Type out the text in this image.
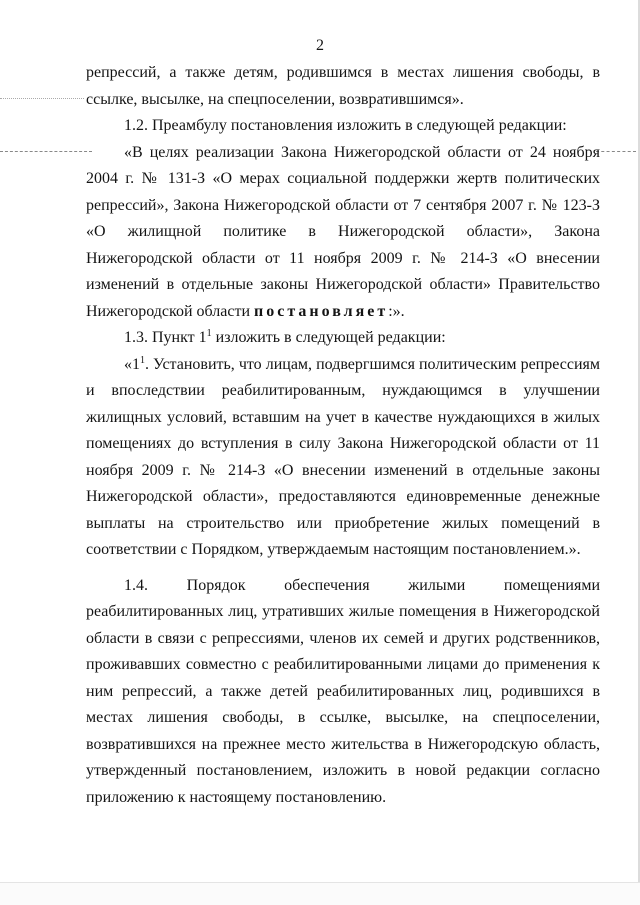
2

репрессий, а также детям, родившимся в местах лишения свободы, в ссылке, высылке, на спецпоселении, возвратившимся».

1.2. Преамбулу постановления изложить в следующей редакции:

«В целях реализации Закона Нижегородской области от 24 ноября 2004 г. № 131-З «О мерах социальной поддержки жертв политических репрессий», Закона Нижегородской области от 7 сентября 2007 г. № 123-З «О жилищной политике в Нижегородской области», Закона Нижегородской области от 11 ноября 2009 г. № 214-З «О внесении изменений в отдельные законы Нижегородской области» Правительство Нижегородской области постановляет:».

1.3. Пункт $1^1$ изложить в следующей редакции:

«$1^1$. Установить, что лицам, подвергшимся политическим репрессиям и впоследствии реабилитированным, нуждающимся в улучшении жилищных условий, вставшим на учет в качестве нуждающихся в жилых помещениях до вступления в силу Закона Нижегородской области от 11 ноября 2009 г. № 214-З «О внесении изменений в отдельные законы Нижегородской области», предоставляются единовременные денежные выплаты на строительство или приобретение жилых помещений в соответствии с Порядком, утверждаемым настоящим постановлением.».

1.4. Порядок обеспечения жилыми помещениями реабилитированных лиц, утративших жилые помещения в Нижегородской области в связи с репрессиями, членов их семей и других родственников, проживавших совместно с реабилитированными лицами до применения к ним репрессий, а также детей реабилитированных лиц, родившихся в местах лишения свободы, в ссылке, высылке, на спецпоселении, возвратившихся на прежнее место жительства в Нижегородскую область, утвержденный постановлением, изложить в новой редакции согласно приложению к настоящему постановлению.
